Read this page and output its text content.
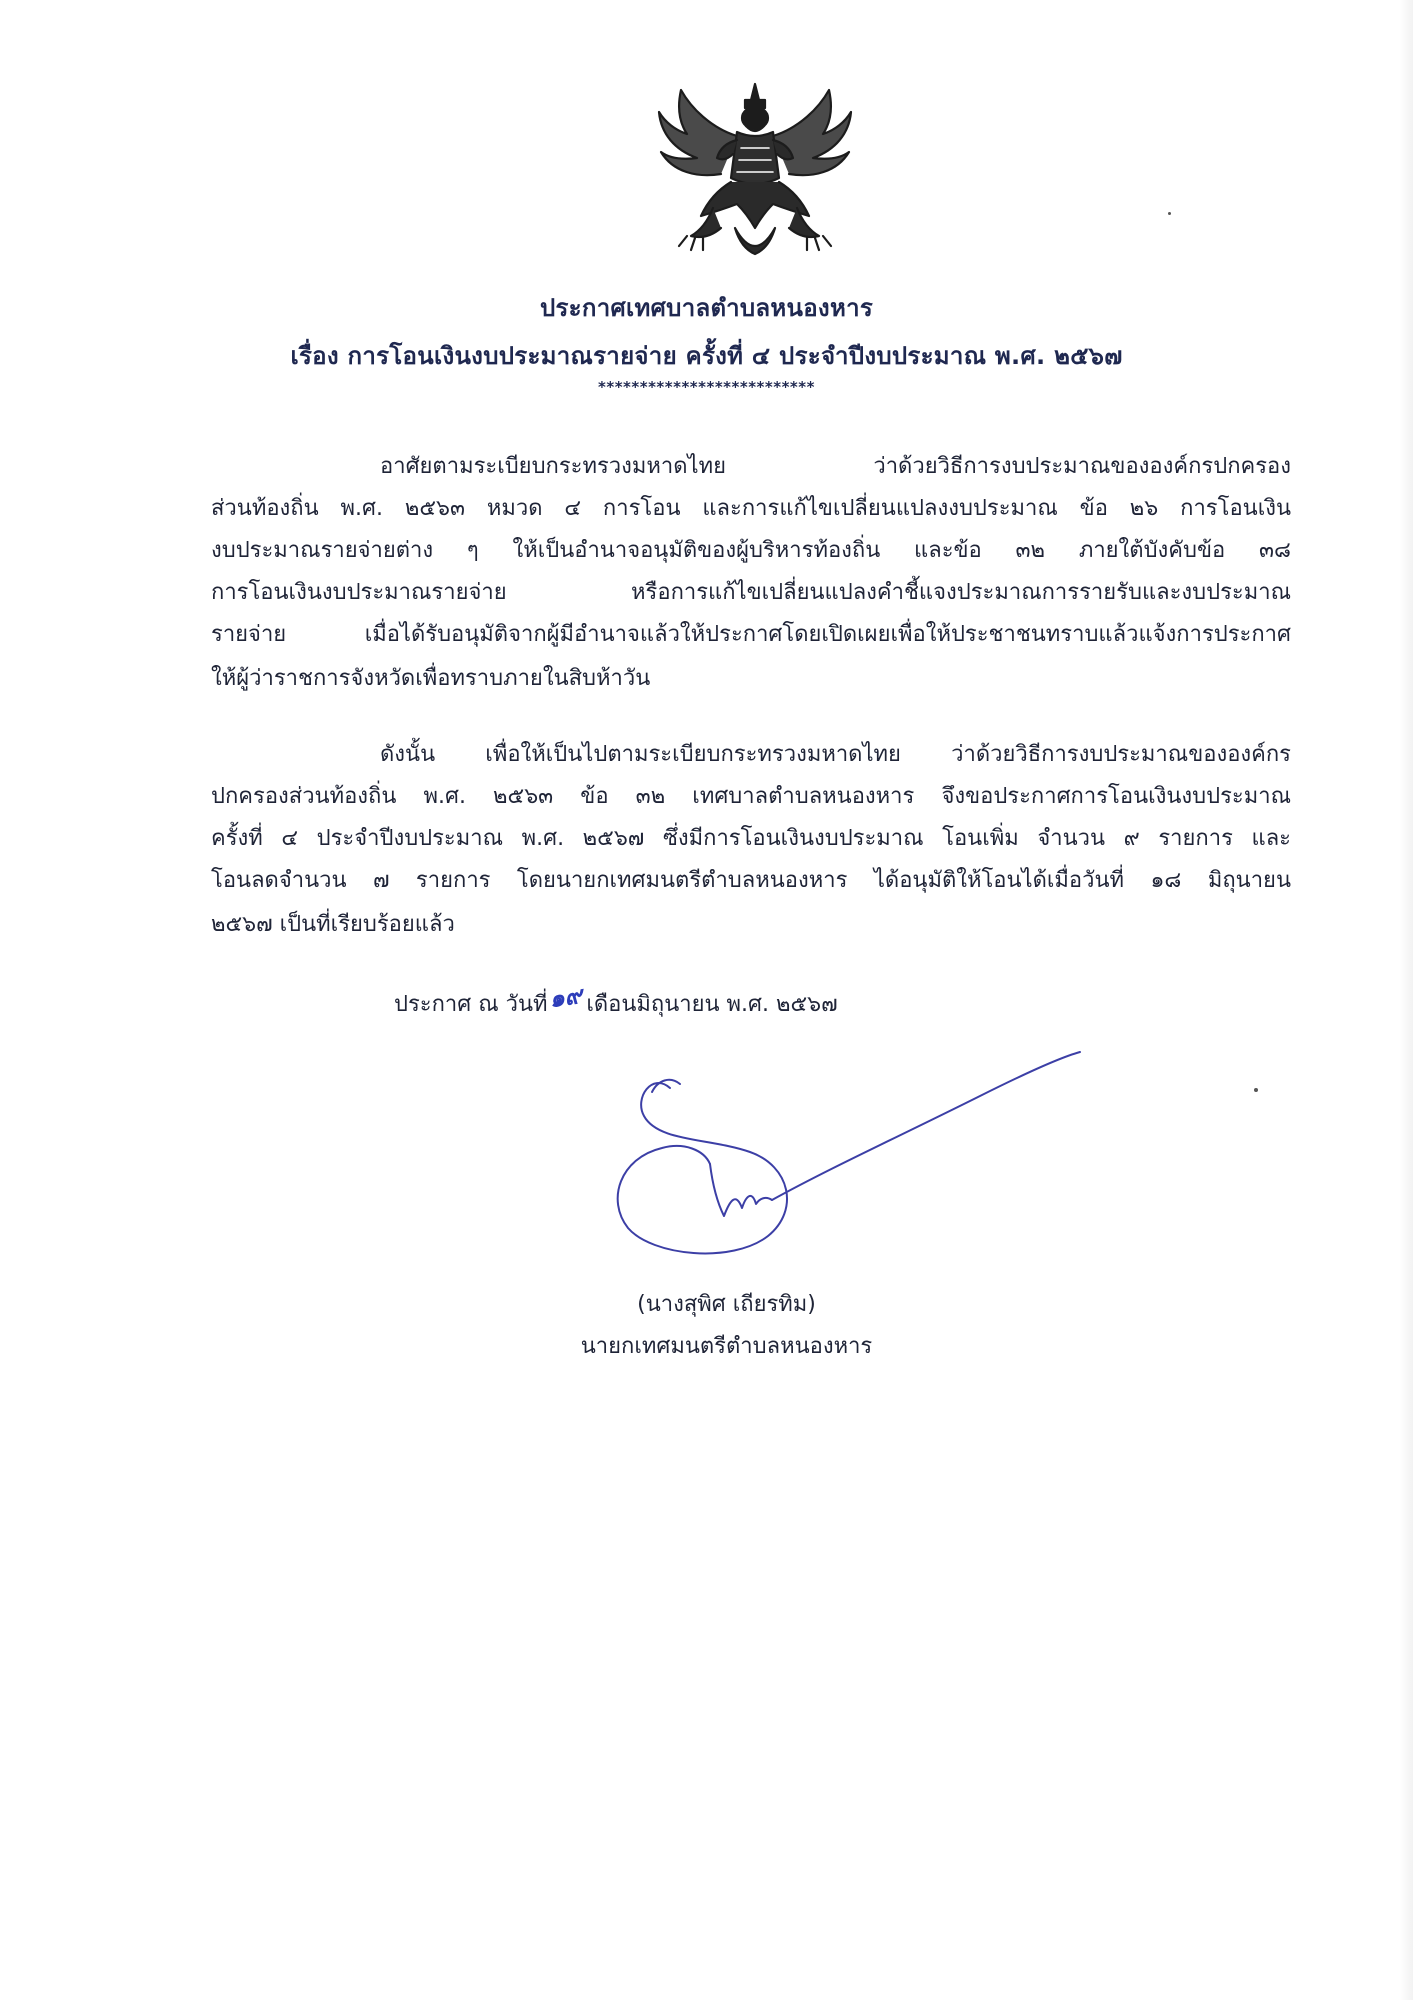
ประกาศเทศบาลตำบลหนองหาร
เรื่อง การโอนเงินงบประมาณรายจ่าย ครั้งที่ ๔ ประจำปีงบประมาณ พ.ศ. ๒๕๖๗
**************************
อาศัยตามระเบียบกระทรวงมหาดไทย ว่าด้วยวิธีการงบประมาณขององค์กรปกครอง
ส่วนท้องถิ่น พ.ศ. ๒๕๖๓ หมวด ๔ การโอน และการแก้ไขเปลี่ยนแปลงงบประมาณ ข้อ ๒๖ การโอนเงิน
งบประมาณรายจ่ายต่าง ๆ ให้เป็นอำนาจอนุมัติของผู้บริหารท้องถิ่น และข้อ ๓๒ ภายใต้บังคับข้อ ๓๘
การโอนเงินงบประมาณรายจ่าย หรือการแก้ไขเปลี่ยนแปลงคำชี้แจงประมาณการรายรับและงบประมาณ
รายจ่าย เมื่อได้รับอนุมัติจากผู้มีอำนาจแล้วให้ประกาศโดยเปิดเผยเพื่อให้ประชาชนทราบแล้วแจ้งการประกาศ
ให้ผู้ว่าราชการจังหวัดเพื่อทราบภายในสิบห้าวัน
ดังนั้น เพื่อให้เป็นไปตามระเบียบกระทรวงมหาดไทย ว่าด้วยวิธีการงบประมาณขององค์กร
ปกครองส่วนท้องถิ่น พ.ศ. ๒๕๖๓ ข้อ ๓๒ เทศบาลตำบลหนองหาร จึงขอประกาศการโอนเงินงบประมาณ
ครั้งที่ ๔ ประจำปีงบประมาณ พ.ศ. ๒๕๖๗ ซึ่งมีการโอนเงินงบประมาณ โอนเพิ่ม จำนวน ๙ รายการ และ
โอนลดจำนวน ๗ รายการ โดยนายกเทศมนตรีตำบลหนองหาร ได้อนุมัติให้โอนได้เมื่อวันที่ ๑๘ มิถุนายน
๒๕๖๗ เป็นที่เรียบร้อยแล้ว
ประกาศ ณ วันที่๑๙ เดือนมิถุนายน พ.ศ. ๒๕๖๗
(นางสุพิศ เถียรทิม)
นายกเทศมนตรีตำบลหนองหาร
